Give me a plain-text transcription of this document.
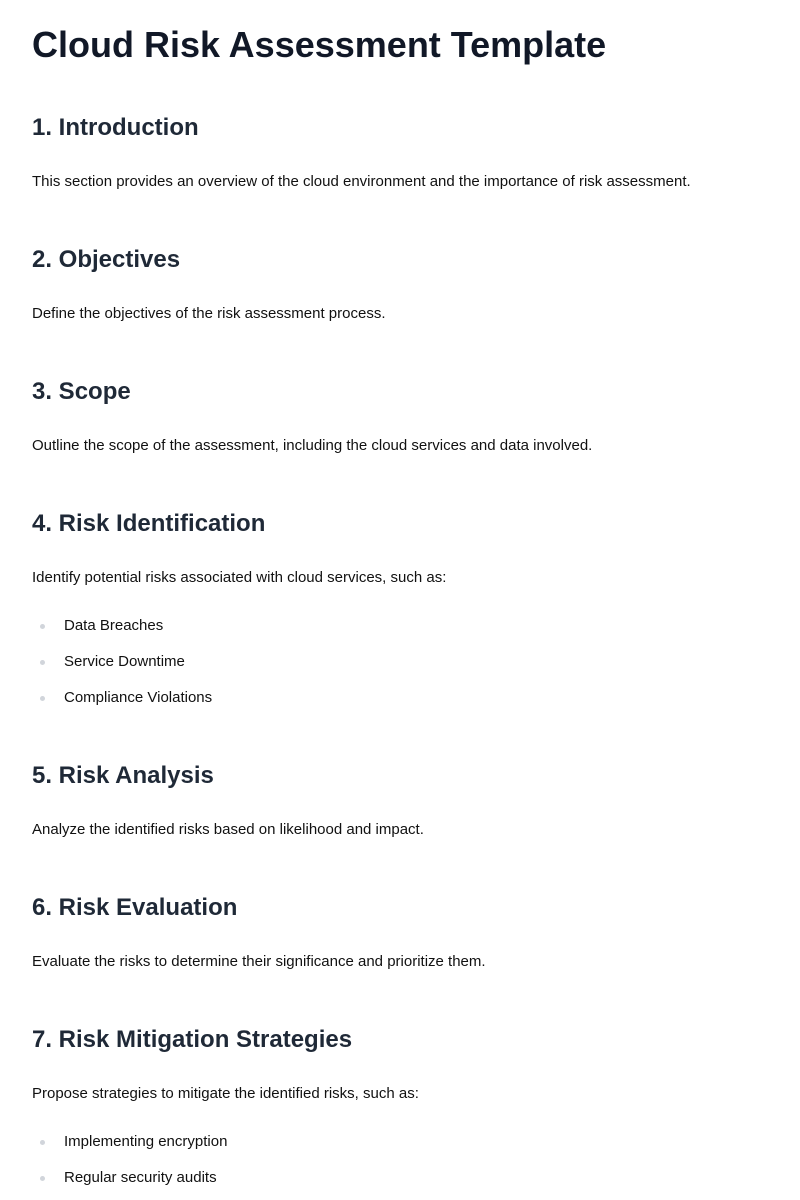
Cloud Risk Assessment Template
1. Introduction

This section provides an overview of the cloud environment and the importance of risk assessment.

2. Objectives

Define the objectives of the risk assessment process.

3. Scope

Outline the scope of the assessment, including the cloud services and data involved.

4. Risk Identification

Identify potential risks associated with cloud services, such as:

Data Breaches
Service Downtime
Compliance Violations
5. Risk Analysis

Analyze the identified risks based on likelihood and impact.

6. Risk Evaluation

Evaluate the risks to determine their significance and prioritize them.

7. Risk Mitigation Strategies

Propose strategies to mitigate the identified risks, such as:

Implementing encryption
Regular security audits
